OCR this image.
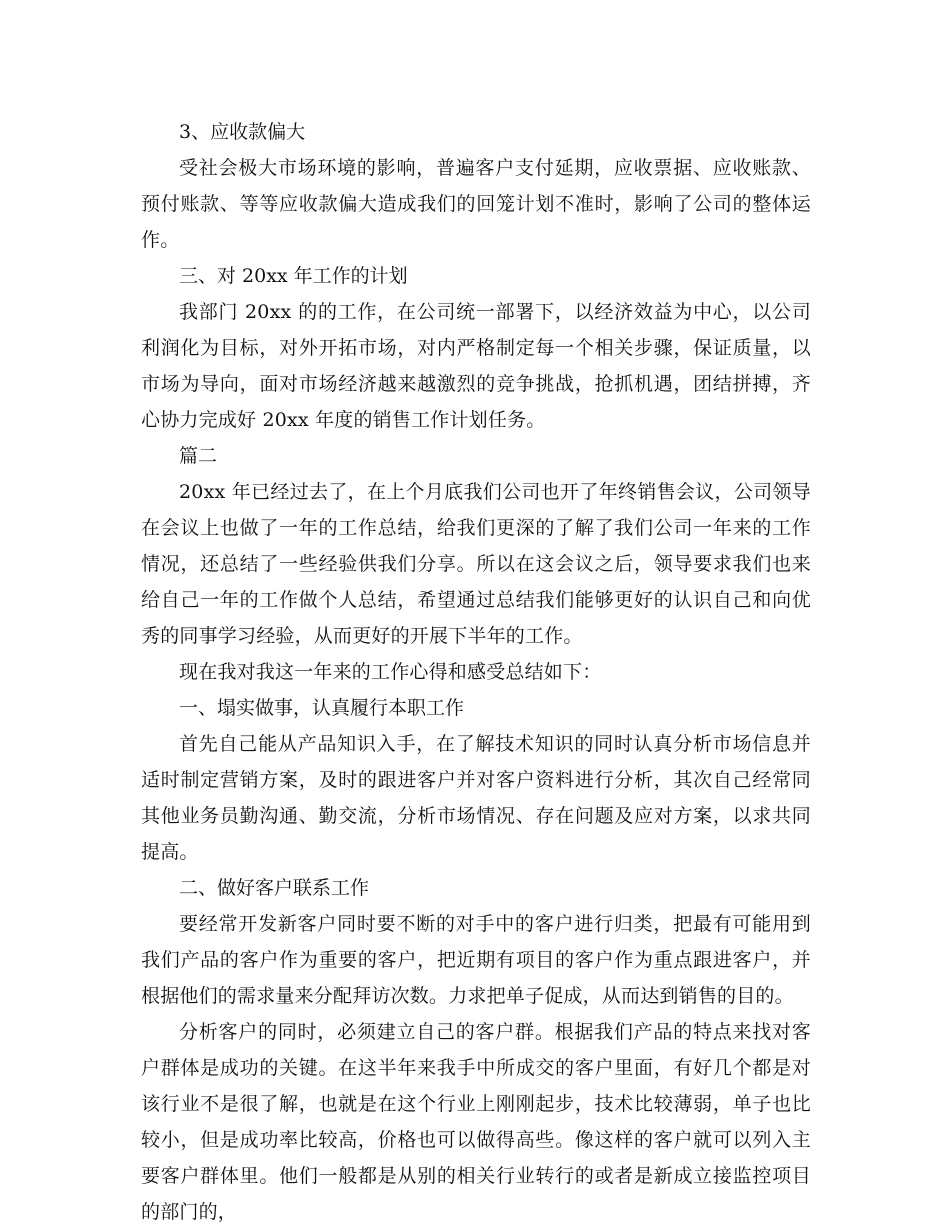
3、应收款偏大

受社会极大市场环境的影响，普遍客户支付延期，应收票据、应收账款、预付账款、等等应收款偏大造成我们的回笼计划不准时，影响了公司的整体运作。

三、对 20xx 年工作的计划

我部门 20xx 的的工作，在公司统一部署下，以经济效益为中心，以公司利润化为目标，对外开拓市场，对内严格制定每一个相关步骤，保证质量，以市场为导向，面对市场经济越来越激烈的竞争挑战，抢抓机遇，团结拼搏，齐心协力完成好 20xx 年度的销售工作计划任务。

篇二

20xx 年已经过去了，在上个月底我们公司也开了年终销售会议，公司领导在会议上也做了一年的工作总结，给我们更深的了解了我们公司一年来的工作情况，还总结了一些经验供我们分享。所以在这会议之后，领导要求我们也来给自己一年的工作做个人总结，希望通过总结我们能够更好的认识自己和向优秀的同事学习经验，从而更好的开展下半年的工作。

现在我对我这一年来的工作心得和感受总结如下：

一、塌实做事，认真履行本职工作

首先自己能从产品知识入手，在了解技术知识的同时认真分析市场信息并适时制定营销方案，及时的跟进客户并对客户资料进行分析，其次自己经常同其他业务员勤沟通、勤交流，分析市场情况、存在问题及应对方案，以求共同提高。

二、做好客户联系工作

要经常开发新客户同时要不断的对手中的客户进行归类，把最有可能用到我们产品的客户作为重要的客户，把近期有项目的客户作为重点跟进客户，并根据他们的需求量来分配拜访次数。力求把单子促成，从而达到销售的目的。

分析客户的同时，必须建立自己的客户群。根据我们产品的特点来找对客户群体是成功的关键。在这半年来我手中所成交的客户里面，有好几个都是对该行业不是很了解，也就是在这个行业上刚刚起步，技术比较薄弱，单子也比较小，但是成功率比较高，价格也可以做得高些。像这样的客户就可以列入主要客户群体里。他们一般都是从别的相关行业转行的或者是新成立接监控项目的部门的，
